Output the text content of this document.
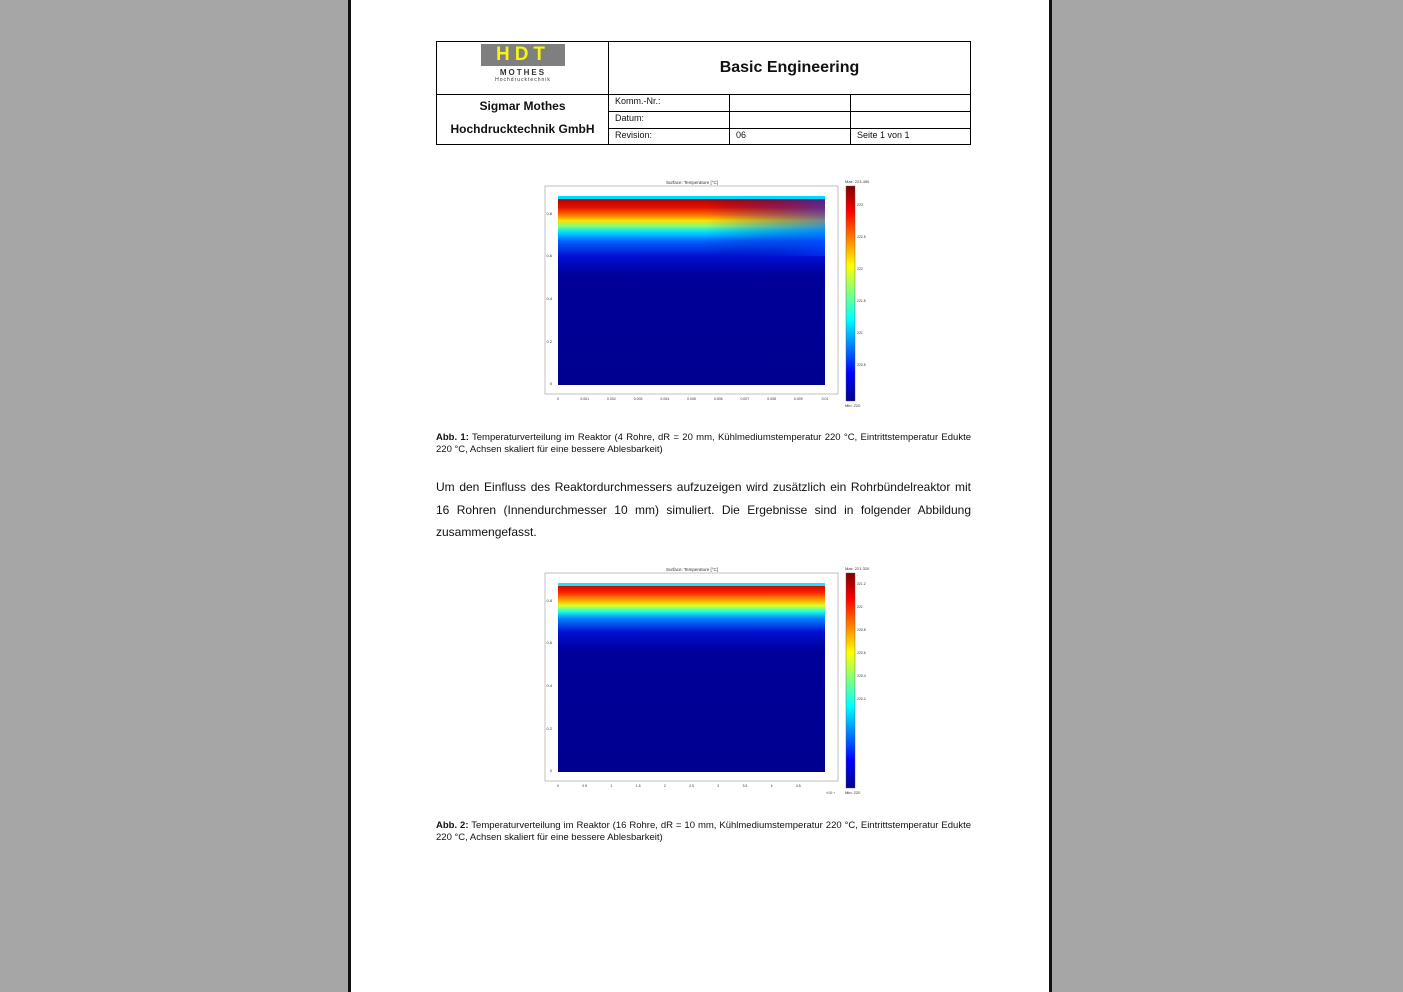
HDT
MOTHES
Hochdrucktechnik
Basic Engineering
Sigmar Mothes
Hochdrucktechnik GmbH
Komm.-Nr.:
Datum:
Revision:	06	Seite 1 von 1
Surface: Temperature [°C]
0
0.2
0.4
0.6
0.8
0	0.001	0.002	0.003	0.004	0.005	0.006	0.007	0.008	0.009	0.01
Max: 223.490
223
222.5
222
221.5
221
220.5
Min: 220
Abb. 1: Temperaturverteilung im Reaktor (4 Rohre, dR = 20 mm, Kühlmediumstemperatur 220 °C, Eintrittstemperatur Edukte 220 °C, Achsen skaliert für eine bessere Ablesbarkeit)
Um den Einfluss des Reaktordurchmessers aufzuzeigen wird zusätzlich ein Rohrbündelreaktor mit 16 Rohren (Innendurchmesser 10 mm) simuliert. Die Ergebnisse sind in folgender Abbildung zusammengefasst.
Surface: Temperature [°C]
0
0.2
0.4
0.6
0.8
0	0.5	1	1.5	2	2.5	3	3.5	4	4.5
×10⁻³
Max: 221.320
221.2
221
220.8
220.6
220.4
220.2
Min: 220
Abb. 2: Temperaturverteilung im Reaktor (16 Rohre, dR = 10 mm, Kühlmediumstemperatur 220 °C, Eintrittstemperatur Edukte 220 °C, Achsen skaliert für eine bessere Ablesbarkeit)
